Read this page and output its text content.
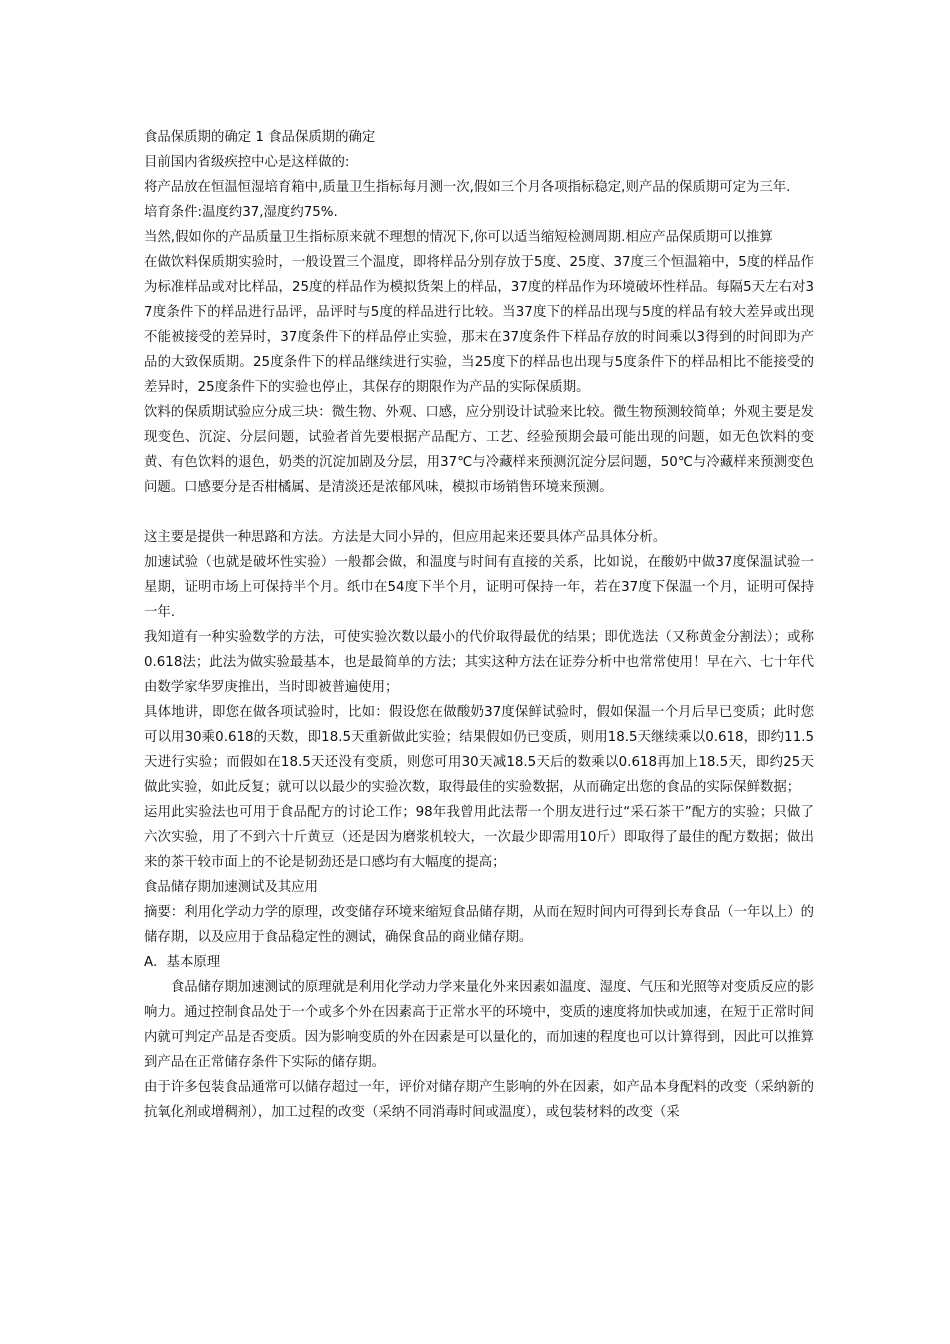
食品保质期的确定 1 食品保质期的确定

目前国内省级疾控中心是这样做的:

将产品放在恒温恒湿培育箱中,质量卫生指标每月测一次,假如三个月各项指标稳定,则产品的保质期可定为三年.

培育条件:温度约37,湿度约75%.

当然,假如你的产品质量卫生指标原来就不理想的情况下,你可以适当缩短检测周期.相应产品保质期可以推算

在做饮料保质期实验时，一般设置三个温度，即将样品分别存放于5度、25度、37度三个恒温箱中，5度的样品作为标准样品或对比样品，25度的样品作为模拟货架上的样品，37度的样品作为环境破坏性样品。每隔5天左右对37度条件下的样品进行品评，品评时与5度的样品进行比较。当37度下的样品出现与5度的样品有较大差异或出现不能被接受的差异时，37度条件下的样品停止实验，那末在37度条件下样品存放的时间乘以3得到的时间即为产品的大致保质期。25度条件下的样品继续进行实验，当25度下的样品也出现与5度条件下的样品相比不能接受的差异时，25度条件下的实验也停止，其保存的期限作为产品的实际保质期。

饮料的保质期试验应分成三块：微生物、外观、口感，应分别设计试验来比较。微生物预测较简单；外观主要是发现变色、沉淀、分层问题，试验者首先要根据产品配方、工艺、经验预期会最可能出现的问题，如无色饮料的变黄、有色饮料的退色，奶类的沉淀加剧及分层，用37℃与冷藏样来预测沉淀分层问题，50℃与冷藏样来预测变色问题。口感要分是否柑橘属、是清淡还是浓郁风味，模拟市场销售环境来预测。

这主要是提供一种思路和方法。方法是大同小异的，但应用起来还要具体产品具体分析。

加速试验（也就是破坏性实验）一般都会做，和温度与时间有直接的关系，比如说，在酸奶中做37度保温试验一星期，证明市场上可保持半个月。纸巾在54度下半个月，证明可保持一年，若在37度下保温一个月，证明可保持一年.

我知道有一种实验数学的方法，可使实验次数以最小的代价取得最优的结果；即优选法（又称黄金分割法）；或称0.618法；此法为做实验最基本，也是最简单的方法；其实这种方法在证券分析中也常常使用！早在六、七十年代由数学家华罗庚推出，当时即被普遍使用；

具体地讲，即您在做各项试验时，比如：假设您在做酸奶37度保鲜试验时，假如保温一个月后早已变质；此时您可以用30乘0.618的天数，即18.5天重新做此实验；结果假如仍已变质，则用18.5天继续乘以0.618，即约11.5天进行实验；而假如在18.5天还没有变质，则您可用30天减18.5天后的数乘以0.618再加上18.5天，即约25天做此实验，如此反复；就可以以最少的实验次数，取得最佳的实验数据，从而确定出您的食品的实际保鲜数据；

运用此实验法也可用于食品配方的讨论工作；98年我曾用此法帮一个朋友进行过“采石茶干”配方的实验；只做了六次实验，用了不到六十斤黄豆（还是因为磨浆机较大，一次最少即需用10斤）即取得了最佳的配方数据；做出来的茶干较市面上的不论是韧劲还是口感均有大幅度的提高；

食品储存期加速测试及其应用

摘要：利用化学动力学的原理，改变储存环境来缩短食品储存期，从而在短时间内可得到长寿食品（一年以上）的储存期，以及应用于食品稳定性的测试，确保食品的商业储存期。

A．基本原理

食品储存期加速测试的原理就是利用化学动力学来量化外来因素如温度、湿度、气压和光照等对变质反应的影响力。通过控制食品处于一个或多个外在因素高于正常水平的环境中，变质的速度将加快或加速，在短于正常时间内就可判定产品是否变质。因为影响变质的外在因素是可以量化的，而加速的程度也可以计算得到，因此可以推算到产品在正常储存条件下实际的储存期。

由于许多包装食品通常可以储存超过一年，评价对储存期产生影响的外在因素，如产品本身配料的改变（采纳新的抗氧化剂或增稠剂），加工过程的改变（采纳不同消毒时间或温度），或包装材料的改变（采
